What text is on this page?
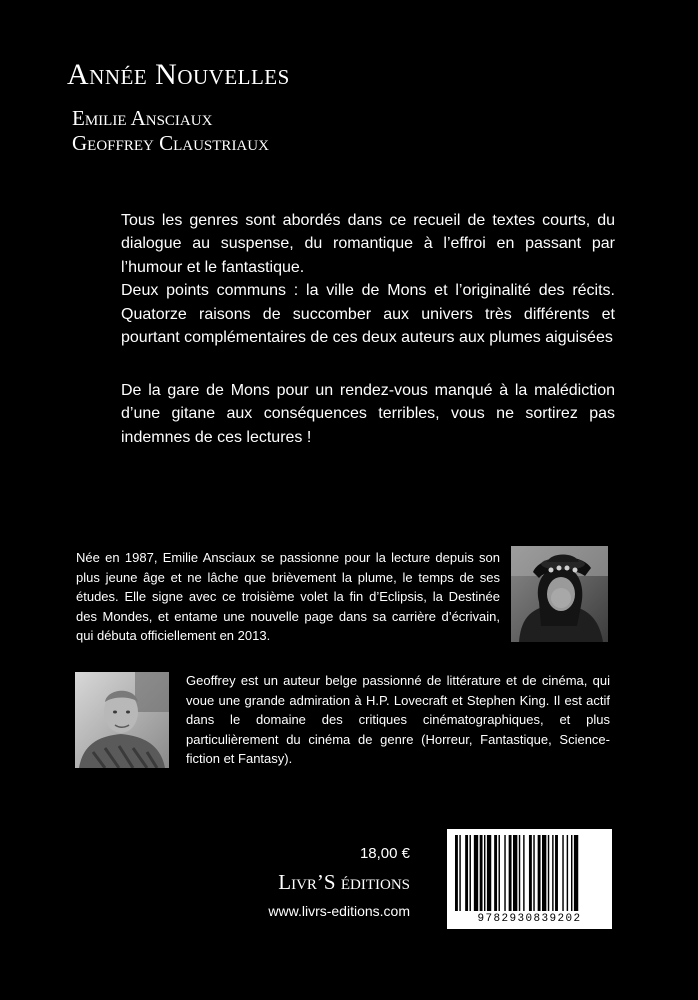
Année Nouvelles
Emilie Ansciaux
Geoffrey Claustriaux

Tous les genres sont abordés dans ce recueil de textes courts, du dialogue au suspense, du romantique à l’effroi en passant par l’humour et le fantastique.

Deux points communs : la ville de Mons et l’originalité des récits. Quatorze raisons de succomber aux univers très différents et pourtant complémentaires de ces deux auteurs aux plumes aiguisées

De la gare de Mons pour un rendez-vous manqué à la malédiction d’une gitane aux conséquences terribles, vous ne sortirez pas indemnes de ces lectures !

Née en 1987, Emilie Ansciaux se passionne pour la lecture depuis son plus jeune âge et ne lâche que brièvement la plume, le temps de ses études. Elle signe avec ce troisième volet la fin d’Eclipsis, la Destinée des Mondes, et entame une nouvelle page dans sa carrière d’écrivain, qui débuta officiellement en 2013.

Geoffrey est un auteur belge passionné de littérature et de cinéma, qui voue une grande admiration à H.P. Lovecraft et Stephen King. Il est actif dans le domaine des critiques cinématographiques, et plus particulièrement du cinéma de genre (Horreur, Fantastique, Science-fiction et Fantasy).

18,00 €
Livr’S éditions
www.livrs-editions.com	9782930839202
